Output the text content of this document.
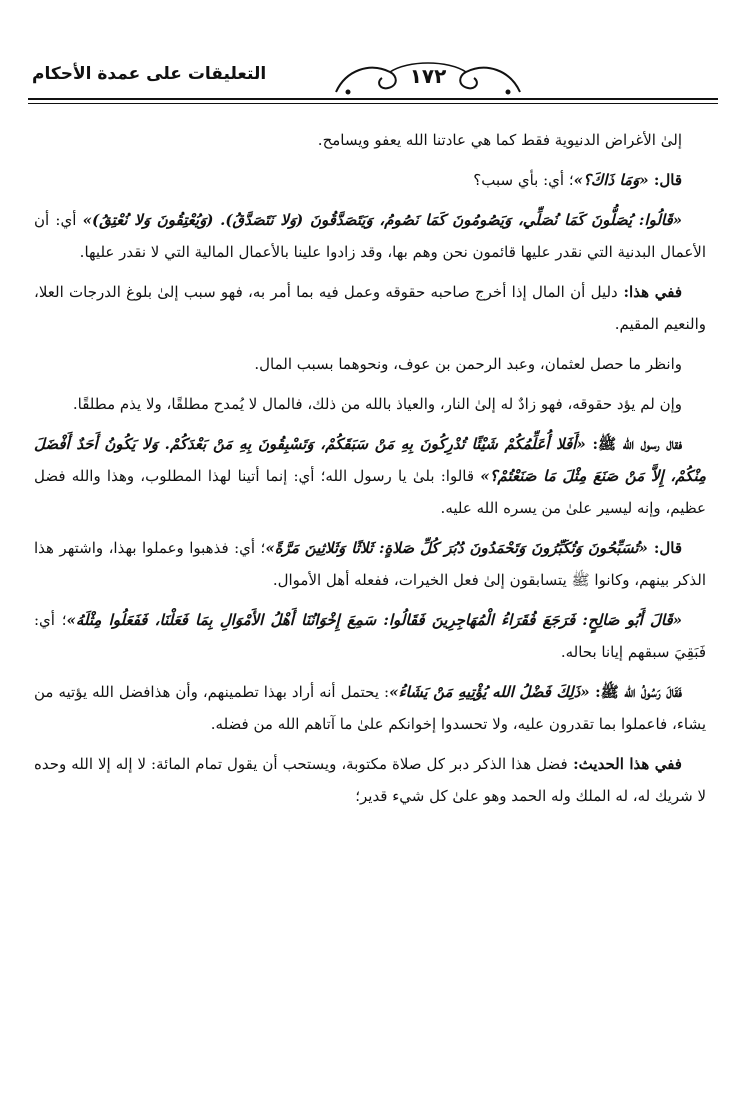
التعليقات على عمدة الأحكام	١٧٢

إلىٰ الأغراض الدنيوية فقط كما هي عادتنا الله يعفو ويسامح.

قال: «وَمَا ذَاكَ؟»؛ أي: بأي سبب؟

«قَالُوا: يُصَلُّونَ كَمَا نُصَلِّي، وَيَصُومُونَ كَمَا نَصُومُ، وَيَتَصَدَّقُونَ (وَلا نَتَصَدَّقُ). (وَيُعْتِقُونَ وَلا نُعْتِقُ)» أي: أن الأعمال البدنية التي نقدر عليها قائمون نحن وهم بها، وقد زادوا علينا بالأعمال المالية التي لا نقدر عليها.

ففي هذا: دليل أن المال إذا أخرج صاحبه حقوقه وعمل فيه بما أمر به، فهو سبب إلىٰ بلوغ الدرجات العلا، والنعيم المقيم.

وانظر ما حصل لعثمان، وعبد الرحمن بن عوف، ونحوهما بسبب المال.

وإن لم يؤد حقوقه، فهو زادٌ له إلىٰ النار، والعياذ بالله من ذلك، فالمال لا يُمدح مطلقًا، ولا يذم مطلقًا.

فقال رسول الله ﷺ: «أَفَلا أُعَلِّمُكُمْ شَيْئًا تُدْرِكُونَ بِهِ مَنْ سَبَقَكُمْ، وَتَسْبِقُونَ بِهِ مَنْ بَعْدَكُمْ. وَلا يَكُونُ أَحَدٌ أَفْضَلَ مِنْكُمْ، إِلاَّ مَنْ صَنَعَ مِثْلَ مَا صَنَعْتُمْ؟» قالوا: بلىٰ يا رسول الله؛ أي: إنما أتينا لهذا المطلوب، وهذا والله فضل عظيم، وإنه ليسير علىٰ من يسره الله عليه.

قال: «تُسَبِّحُونَ وَتُكَبِّرُونَ وَتَحْمَدُونَ دُبُرَ كُلِّ صَلاةٍ: ثَلاثًا وَثَلاثِينَ مَرَّةً»؛ أي: فذهبوا وعملوا بهذا، واشتهر هذا الذكر بينهم، وكانوا ﷺ يتسابقون إلىٰ فعل الخيرات، ففعله أهل الأموال.

«قَالَ أَبُو صَالِحٍ: فَرَجَعَ فُقَرَاءُ الْمُهَاجِرِينَ فَقَالُوا: سَمِعَ إِخْوَانُنَا أَهْلُ الأَمْوَالِ بِمَا فَعَلْنَا، فَفَعَلُوا مِثْلَهُ»؛ أي: فَبَقِيَ سبقهم إيانا بحاله.

فَقَالَ رَسُولُ الله ﷺ: «ذَلِكَ فَضْلُ الله يُؤْتِيهِ مَنْ يَشَاءُ»: يحتمل أنه أراد بهذا تطمينهم، وأن هذافضل الله يؤتيه من يشاء، فاعملوا بما تقدرون عليه، ولا تحسدوا إخوانكم علىٰ ما آتاهم الله من فضله.

ففي هذا الحديث: فضل هذا الذكر دبر كل صلاة مكتوبة، ويستحب أن يقول تمام المائة: لا إله إلا الله وحده لا شريك له، له الملك وله الحمد وهو علىٰ كل شيء قدير؛
